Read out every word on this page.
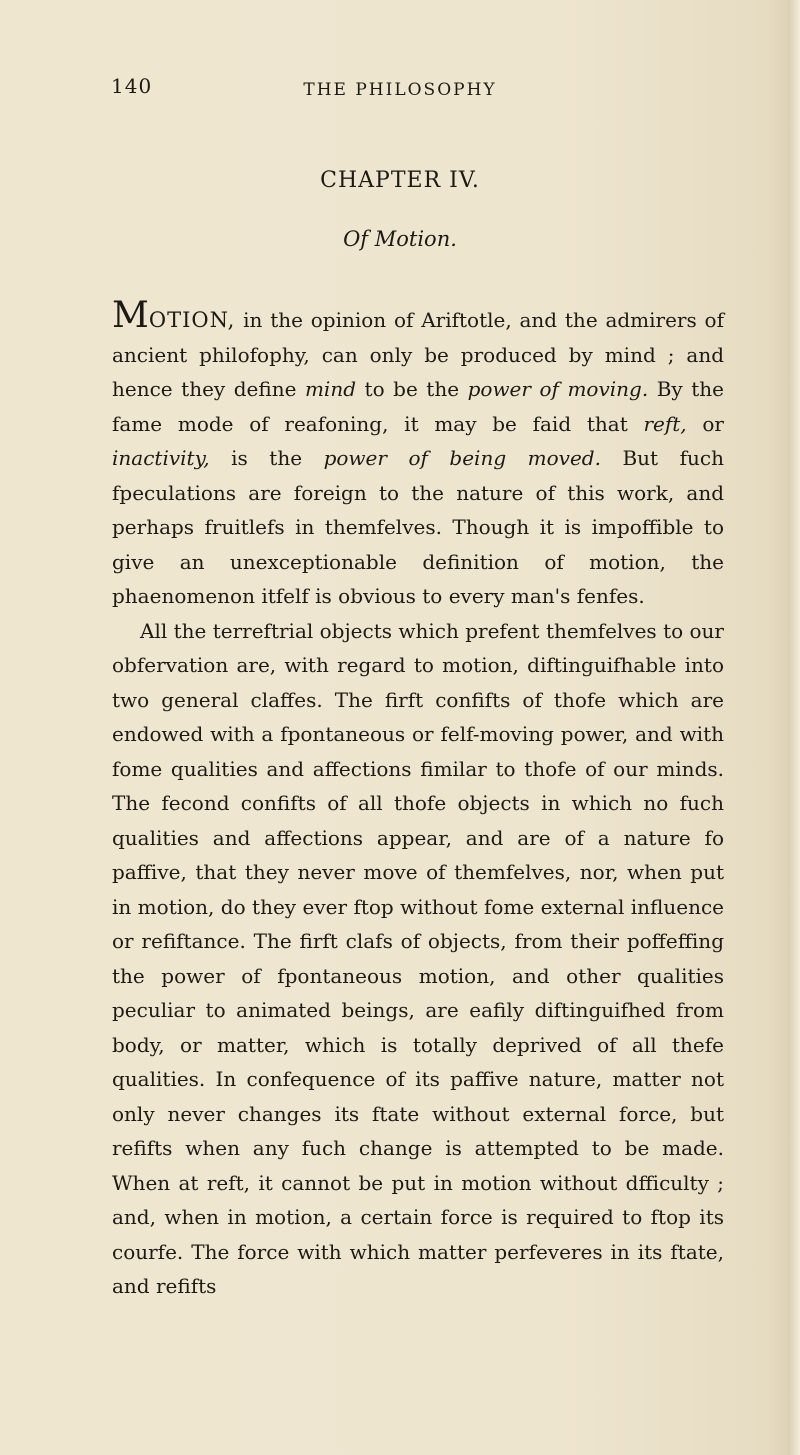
140	THE PHILOSOPHY
CHAPTER IV.
Of Motion.

MOTION, in the opinion of Ariftotle, and the admirers of ancient philofophy, can only be produced by mind ; and hence they define mind to be the power of moving. By the fame mode of reafoning, it may be faid that reft, or inactivity, is the power of being moved. But fuch fpeculations are foreign to the nature of this work, and perhaps fruitlefs in themfelves. Though it is impoffible to give an unexceptionable definition of motion, the phaenomenon itfelf is obvious to every man's fenfes.

All the terreftrial objects which prefent themfelves to our obfervation are, with regard to motion, diftinguifhable into two general claffes. The firft confifts of thofe which are endowed with a fpontaneous or felf-moving power, and with fome qualities and affections fimilar to thofe of our minds. The fecond confifts of all thofe objects in which no fuch qualities and affections appear, and are of a nature fo paffive, that they never move of themfelves, nor, when put in motion, do they ever ftop without fome external influence or refiftance. The firft clafs of objects, from their poffeffing the power of fpontaneous motion, and other qualities peculiar to animated beings, are eafily diftinguifhed from body, or matter, which is totally deprived of all thefe qualities. In confequence of its paffive nature, matter not only never changes its ftate without external force, but refifts when any fuch change is attempted to be made. When at reft, it cannot be put in motion without dfficulty ; and, when in motion, a certain force is required to ftop its courfe. The force with which matter perfeveres in its ftate, and refifts
